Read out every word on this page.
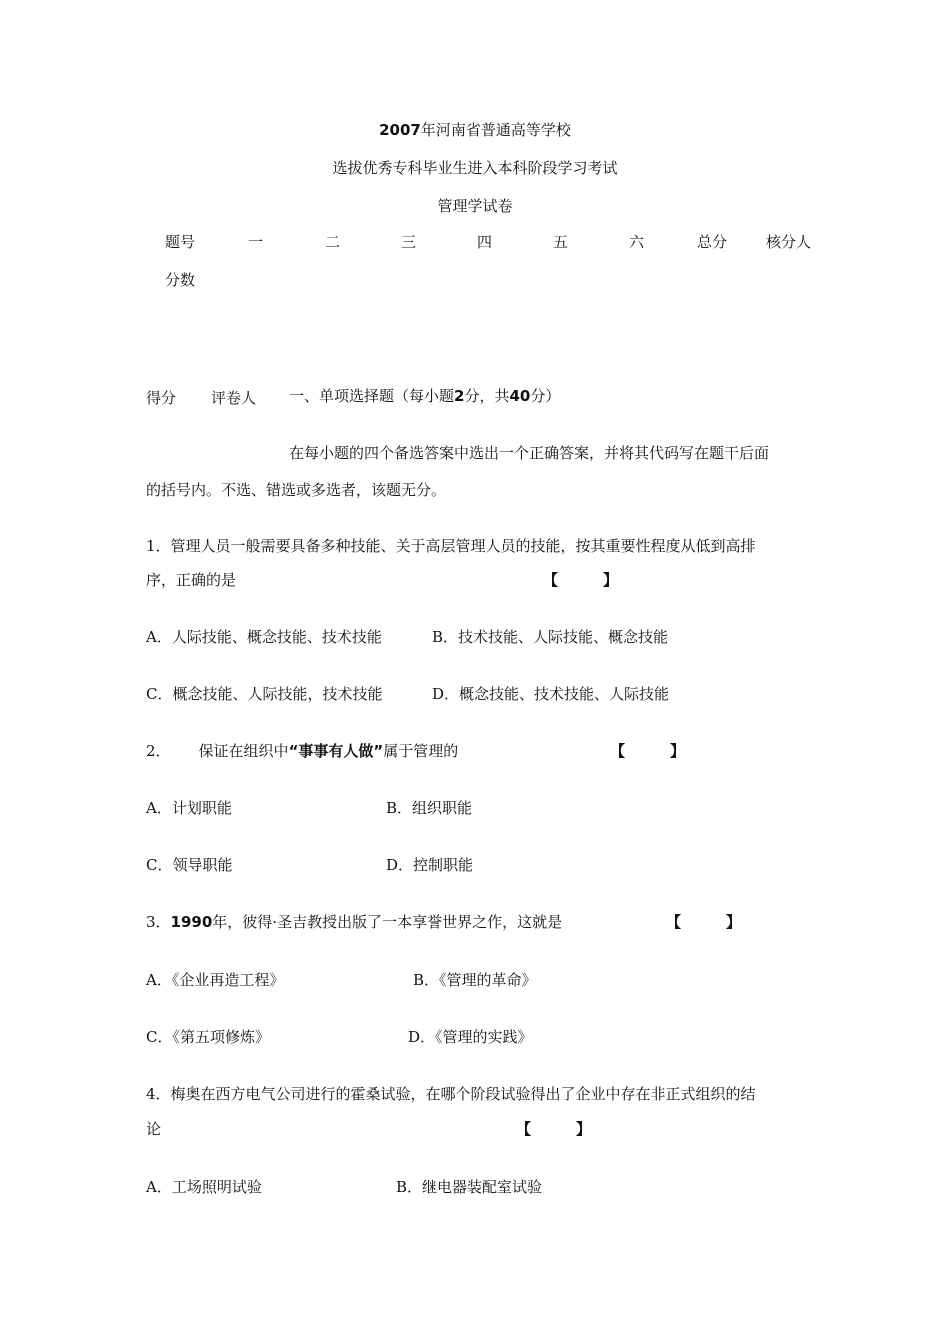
2007年河南省普通高等学校
选拔优秀专科毕业生进入本科阶段学习考试
管理学试卷
题号	一	二	三	四	五	六	总分	核分人
分数
得分 评卷人 一、单项选择题（每小题2分，共40分）
在每小题的四个备选答案中选出一个正确答案，并将其代码写在题干后面
的括号内。不选、错选或多选者，该题无分。
1．管理人员一般需要具备多种技能、关于高层管理人员的技能，按其重要性程度从低到高排
序，正确的是	【	】
A．人际技能、概念技能、技术技能	B．技术技能、人际技能、概念技能
C．概念技能、人际技能，技术技能	D．概念技能、技术技能、人际技能
2． 保证在组织中“事事有人做”属于管理的	【	】
A．计划职能	B．组织职能
C．领导职能	D．控制职能
3．1990年，彼得·圣吉教授出版了一本享誉世界之作，这就是	【	】
A．《企业再造工程》	B．《管理的革命》
C．《第五项修炼》	D．《管理的实践》
4．梅奥在西方电气公司进行的霍桑试验，在哪个阶段试验得出了企业中存在非正式组织的结
论	【	】
A．工场照明试验	B．继电器装配室试验
